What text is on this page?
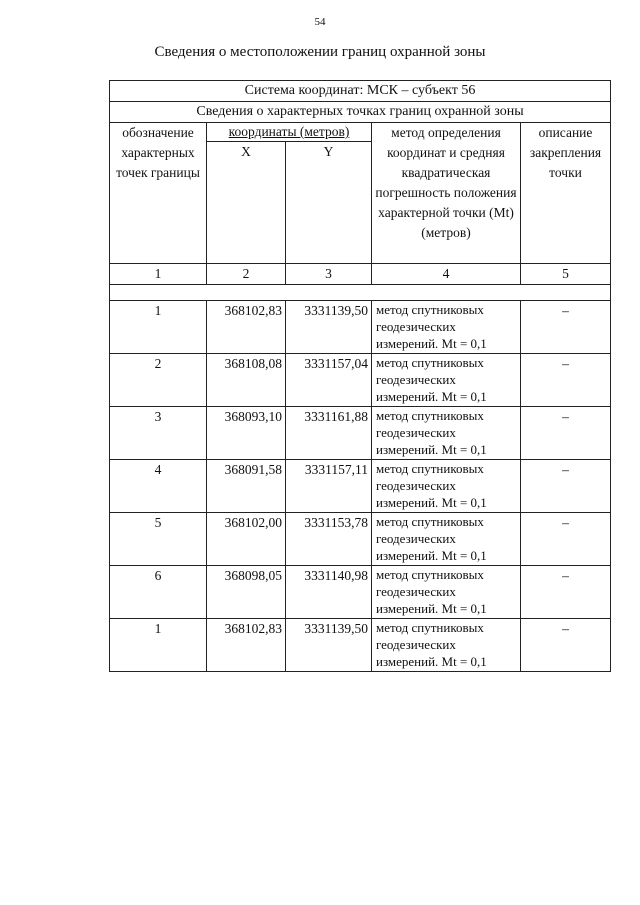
54
Сведения о местоположении границ охранной зоны
Система координат: МСК – субъект 56				
Сведения о характерных точках границ охранной зоны				
обозначение характерных точек границы	координаты (метров)		метод определения координат и средняя квадратическая погрешность положения характерной точки (Mt) (метров)	описание закрепления точки
	X	Y		
1	2	3	4	5

1	368102,83	3331139,50	метод спутниковых геодезических измерений. Mt = 0,1	–
2	368108,08	3331157,04	метод спутниковых геодезических измерений. Mt = 0,1	–
3	368093,10	3331161,88	метод спутниковых геодезических измерений. Mt = 0,1	–
4	368091,58	3331157,11	метод спутниковых геодезических измерений. Mt = 0,1	–
5	368102,00	3331153,78	метод спутниковых геодезических измерений. Mt = 0,1	–
6	368098,05	3331140,98	метод спутниковых геодезических измерений. Mt = 0,1	–
1	368102,83	3331139,50	метод спутниковых геодезических измерений. Mt = 0,1	–
